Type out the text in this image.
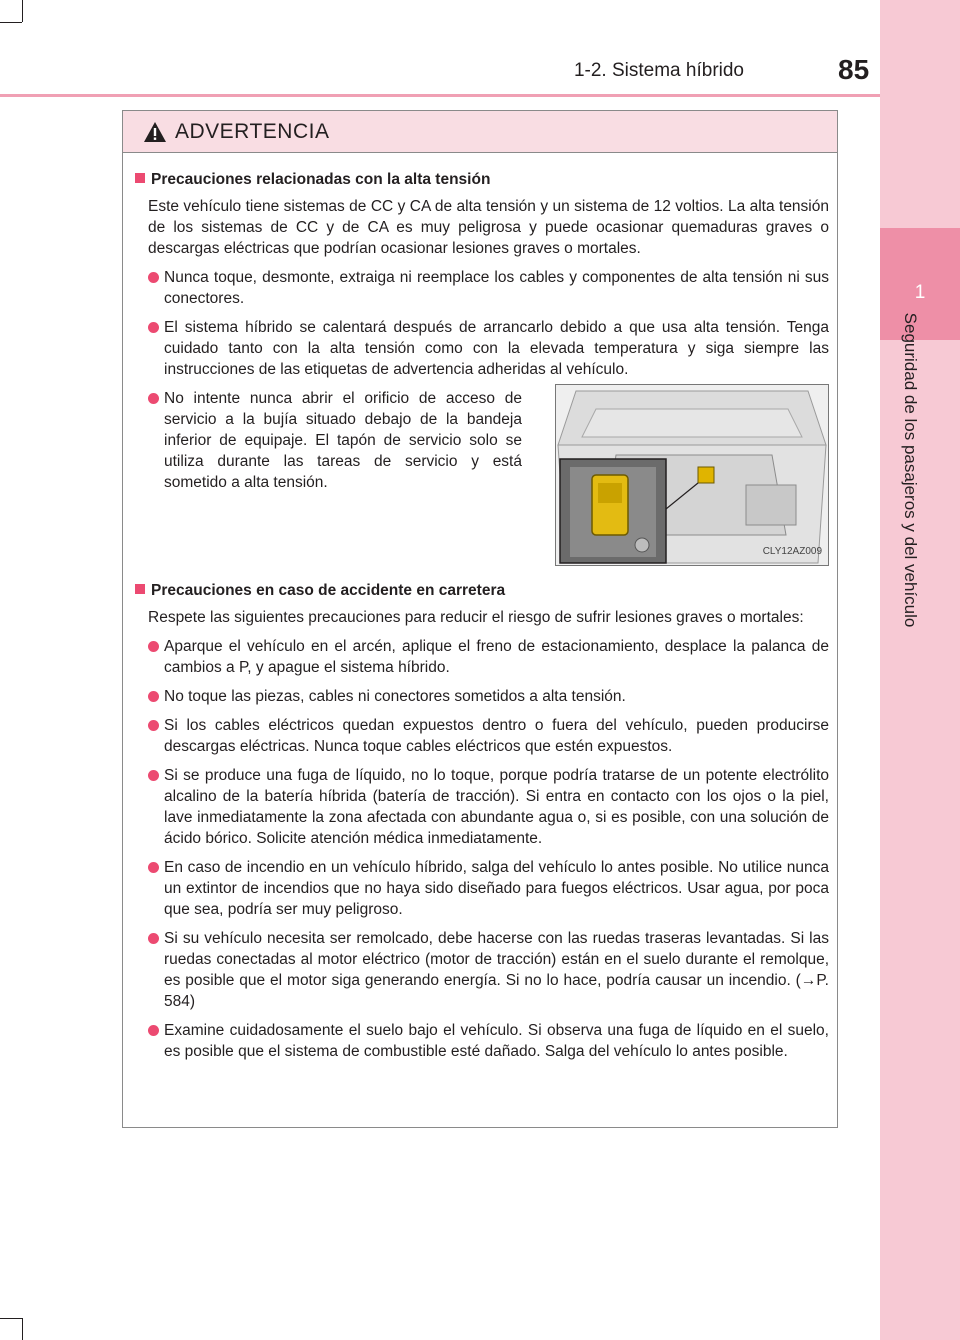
1
Seguridad de los pasajeros y del vehículo
1-2. Sistema híbrido	85
ADVERTENCIA
Precauciones relacionadas con la alta tensión

Este vehículo tiene sistemas de CC y CA de alta tensión y un sistema de 12 voltios. La alta tensión de los sistemas de CC y de CA es muy peligrosa y puede ocasionar quemaduras graves o descargas eléctricas que podrían ocasionar lesiones graves o mortales.

Nunca toque, desmonte, extraiga ni reemplace los cables y componentes de alta tensión ni sus conectores.
El sistema híbrido se calentará después de arrancarlo debido a que usa alta tensión. Tenga cuidado tanto con la alta tensión como con la elevada temperatura y siga siempre las instrucciones de las etiquetas de advertencia adheridas al vehículo.
No intente nunca abrir el orificio de acceso de servicio a la bujía situado debajo de la bandeja inferior de equipaje. El tapón de servicio solo se utiliza durante las tareas de servicio y está sometido a alta tensión.
CLY12AZ009
Precauciones en caso de accidente en carretera

Respete las siguientes precauciones para reducir el riesgo de sufrir lesiones graves o mortales:

Aparque el vehículo en el arcén, aplique el freno de estacionamiento, desplace la palanca de cambios a P, y apague el sistema híbrido.
No toque las piezas, cables ni conectores sometidos a alta tensión.
Si los cables eléctricos quedan expuestos dentro o fuera del vehículo, pueden producirse descargas eléctricas. Nunca toque cables eléctricos que estén expuestos.
Si se produce una fuga de líquido, no lo toque, porque podría tratarse de un potente electrólito alcalino de la batería híbrida (batería de tracción). Si entra en contacto con los ojos o la piel, lave inmediatamente la zona afectada con abundante agua o, si es posible, con una solución de ácido bórico. Solicite atención médica inmediatamente.
En caso de incendio en un vehículo híbrido, salga del vehículo lo antes posible. No utilice nunca un extintor de incendios que no haya sido diseñado para fuegos eléctricos. Usar agua, por poca que sea, podría ser muy peligroso.
Si su vehículo necesita ser remolcado, debe hacerse con las ruedas traseras levantadas. Si las ruedas conectadas al motor eléctrico (motor de tracción) están en el suelo durante el remolque, es posible que el motor siga generando energía. Si no lo hace, podría causar un incendio. (→P. 584)
Examine cuidadosamente el suelo bajo el vehículo. Si observa una fuga de líquido en el suelo, es posible que el sistema de combustible esté dañado. Salga del vehículo lo antes posible.
